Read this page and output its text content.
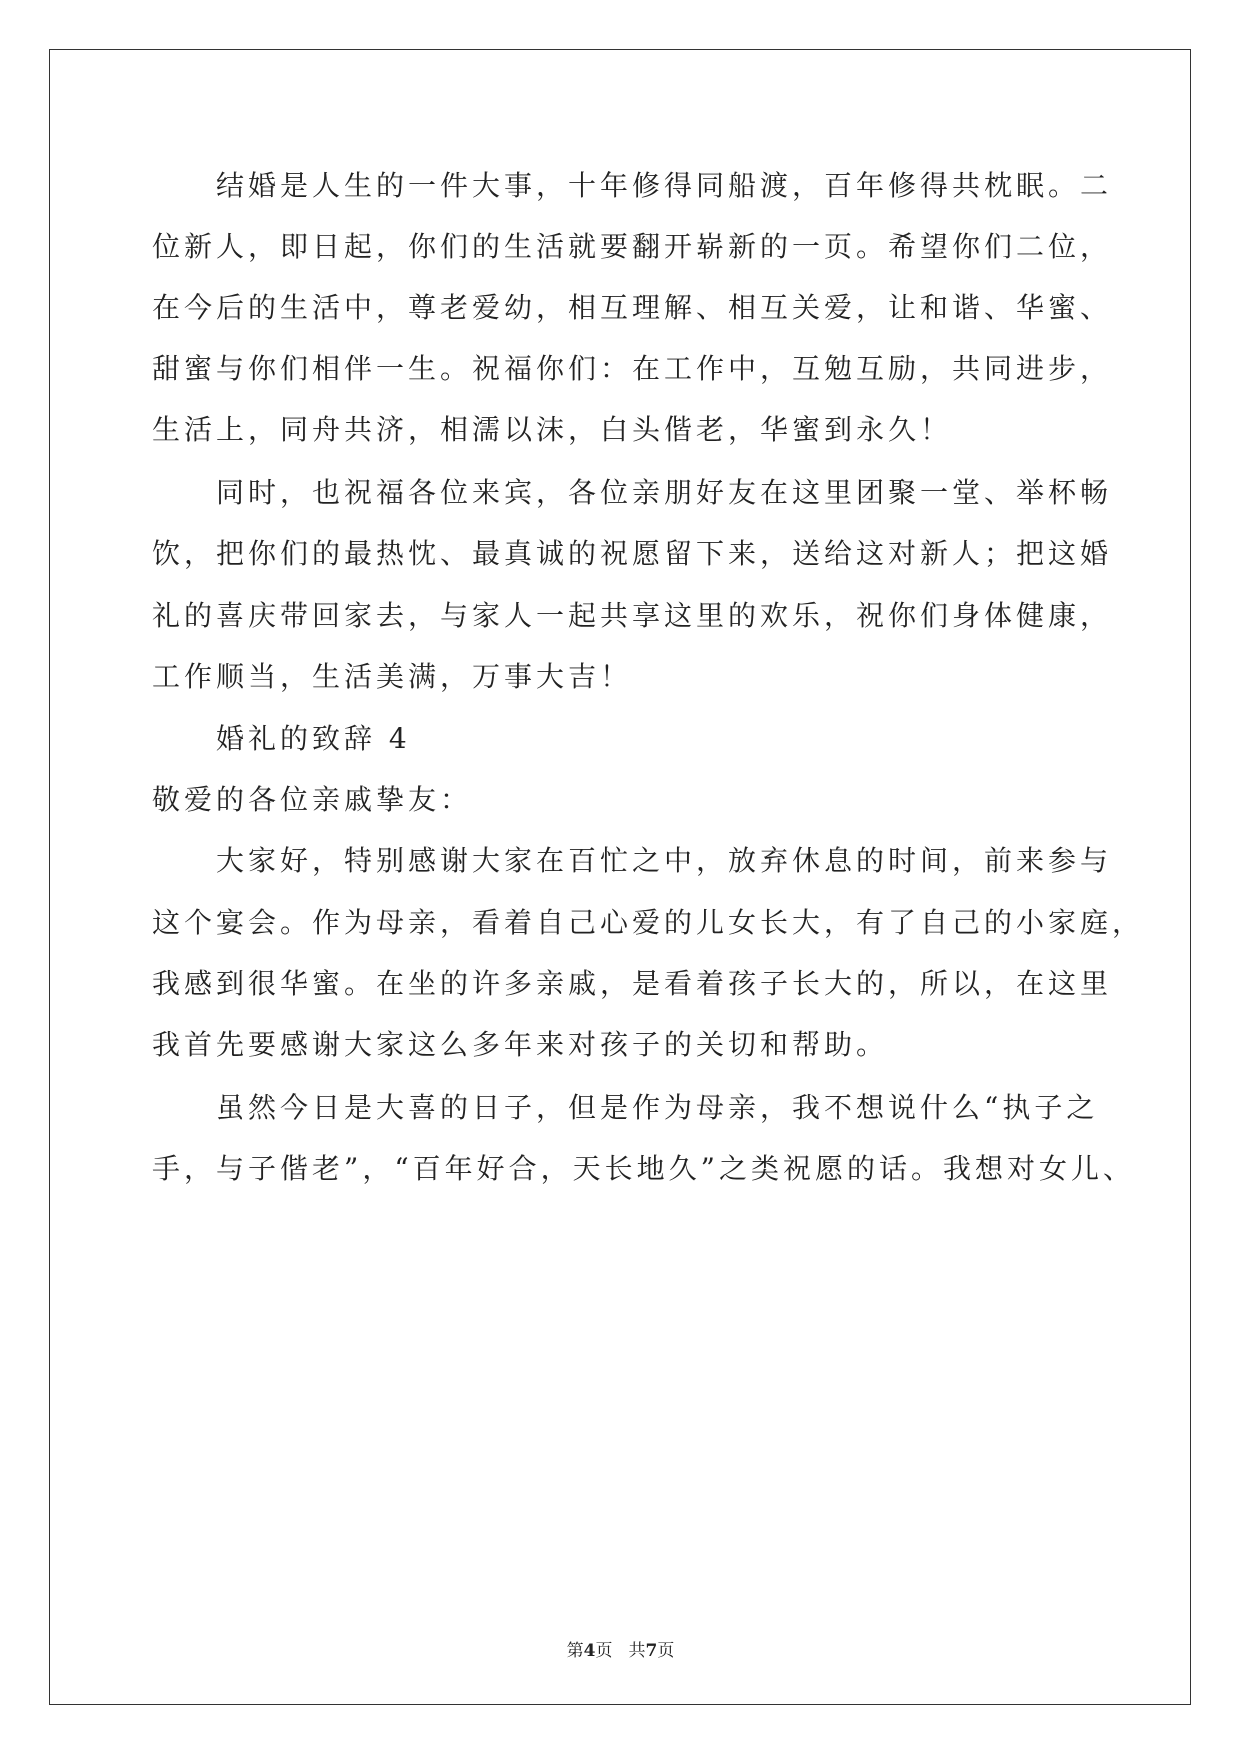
结婚是人生的一件大事，十年修得同船渡，百年修得共枕眠。二
位新人，即日起，你们的生活就要翻开崭新的一页。希望你们二位，
在今后的生活中，尊老爱幼，相互理解、相互关爱，让和谐、华蜜、
甜蜜与你们相伴一生。祝福你们：在工作中，互勉互励，共同进步，
生活上，同舟共济，相濡以沫，白头偕老，华蜜到永久！
同时，也祝福各位来宾，各位亲朋好友在这里团聚一堂、举杯畅
饮，把你们的最热忱、最真诚的祝愿留下来，送给这对新人；把这婚
礼的喜庆带回家去，与家人一起共享这里的欢乐，祝你们身体健康，
工作顺当，生活美满，万事大吉！
婚礼的致辞 4
敬爱的各位亲戚挚友：
大家好，特别感谢大家在百忙之中，放弃休息的时间，前来参与
这个宴会。作为母亲，看着自己心爱的儿女长大，有了自己的小家庭，
我感到很华蜜。在坐的许多亲戚，是看着孩子长大的，所以，在这里
我首先要感谢大家这么多年来对孩子的关切和帮助。
虽然今日是大喜的日子，但是作为母亲，我不想说什么“执子之
手，与子偕老”，“百年好合，天长地久”之类祝愿的话。我想对女儿、
第4页 共7页
